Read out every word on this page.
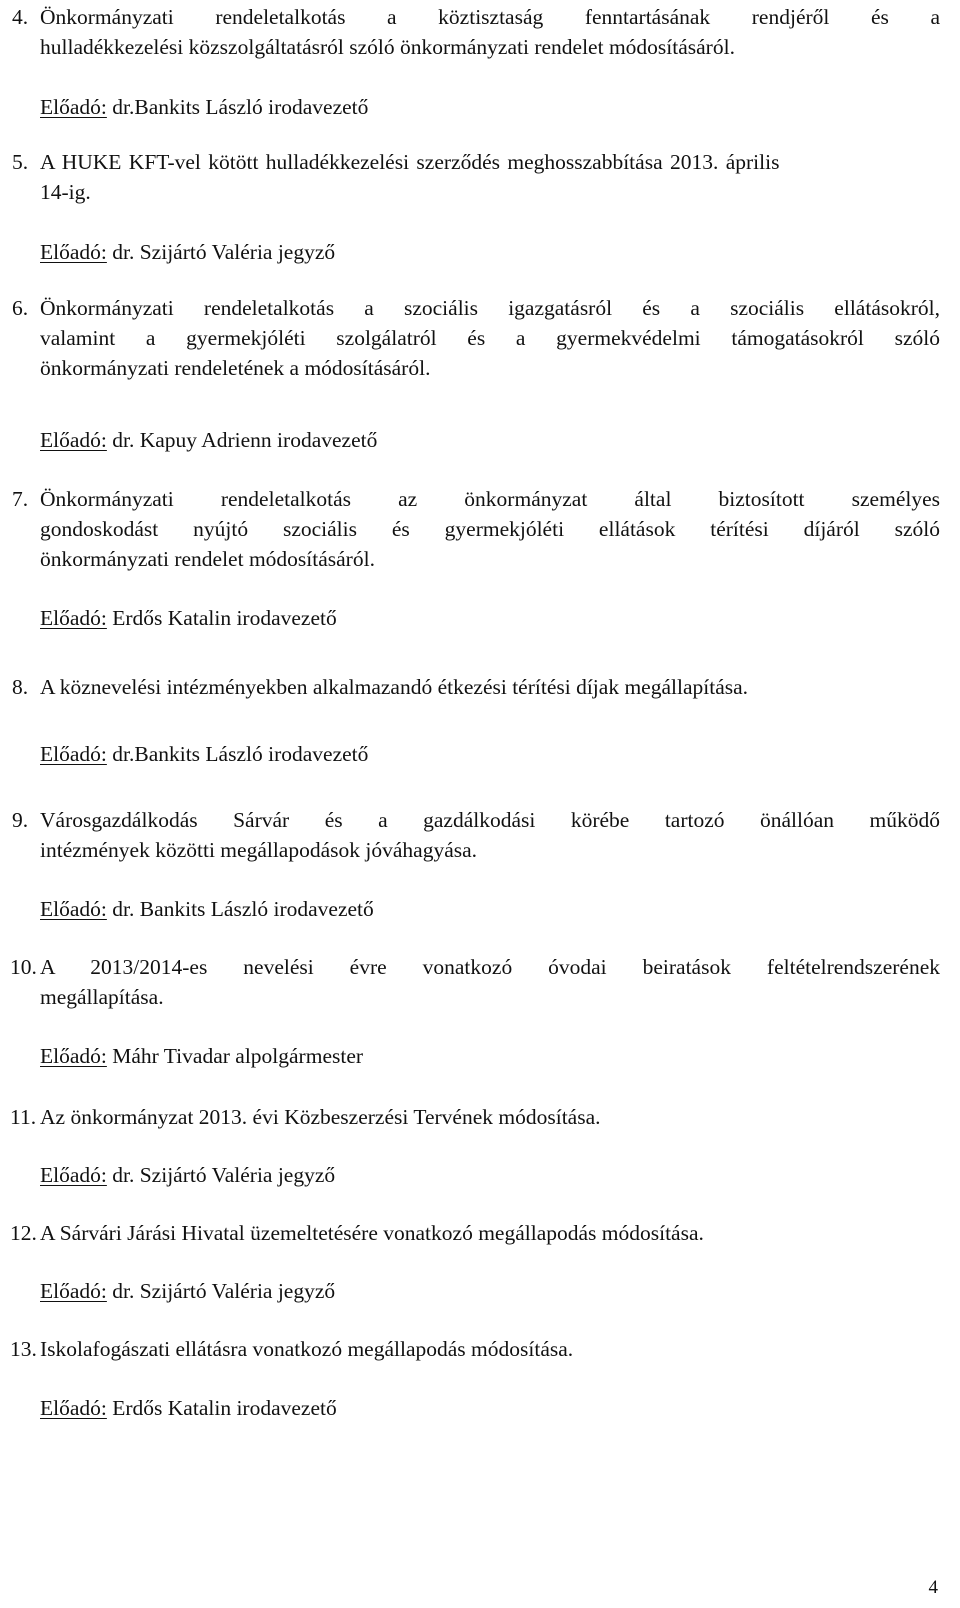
4. Önkormányzati rendeletalkotás a köztisztaság fenntartásának rendjéről és a
hulladékkezelési közszolgáltatásról szóló önkormányzati rendelet módosításáról.
Előadó: dr.Bankits László irodavezető
5. A HUKE KFT-vel kötött hulladékkezelési szerződés meghosszabbítása 2013. április
14-ig.
Előadó: dr. Szijártó Valéria jegyző
6. Önkormányzati rendeletalkotás a szociális igazgatásról és a szociális ellátásokról,
valamint a gyermekjóléti szolgálatról és a gyermekvédelmi támogatásokról szóló
önkormányzati rendeletének a módosításáról.
Előadó: dr. Kapuy Adrienn irodavezető
7. Önkormányzati rendeletalkotás az önkormányzat által biztosított személyes
gondoskodást nyújtó szociális és gyermekjóléti ellátások térítési díjáról szóló
önkormányzati rendelet módosításáról.
Előadó: Erdős Katalin irodavezető
8. A köznevelési intézményekben alkalmazandó étkezési térítési díjak megállapítása.
Előadó: dr.Bankits László irodavezető
9. Városgazdálkodás Sárvár és a gazdálkodási körébe tartozó önállóan működő
intézmények közötti megállapodások jóváhagyása.
Előadó: dr. Bankits László irodavezető
10. A 2013/2014-es nevelési évre vonatkozó óvodai beiratások feltételrendszerének
megállapítása.
Előadó: Máhr Tivadar alpolgármester
11. Az önkormányzat 2013. évi Közbeszerzési Tervének módosítása.
Előadó: dr. Szijártó Valéria jegyző
12. A Sárvári Járási Hivatal üzemeltetésére vonatkozó megállapodás módosítása.
Előadó: dr. Szijártó Valéria jegyző
13. Iskolafogászati ellátásra vonatkozó megállapodás módosítása.
Előadó: Erdős Katalin irodavezető
4
